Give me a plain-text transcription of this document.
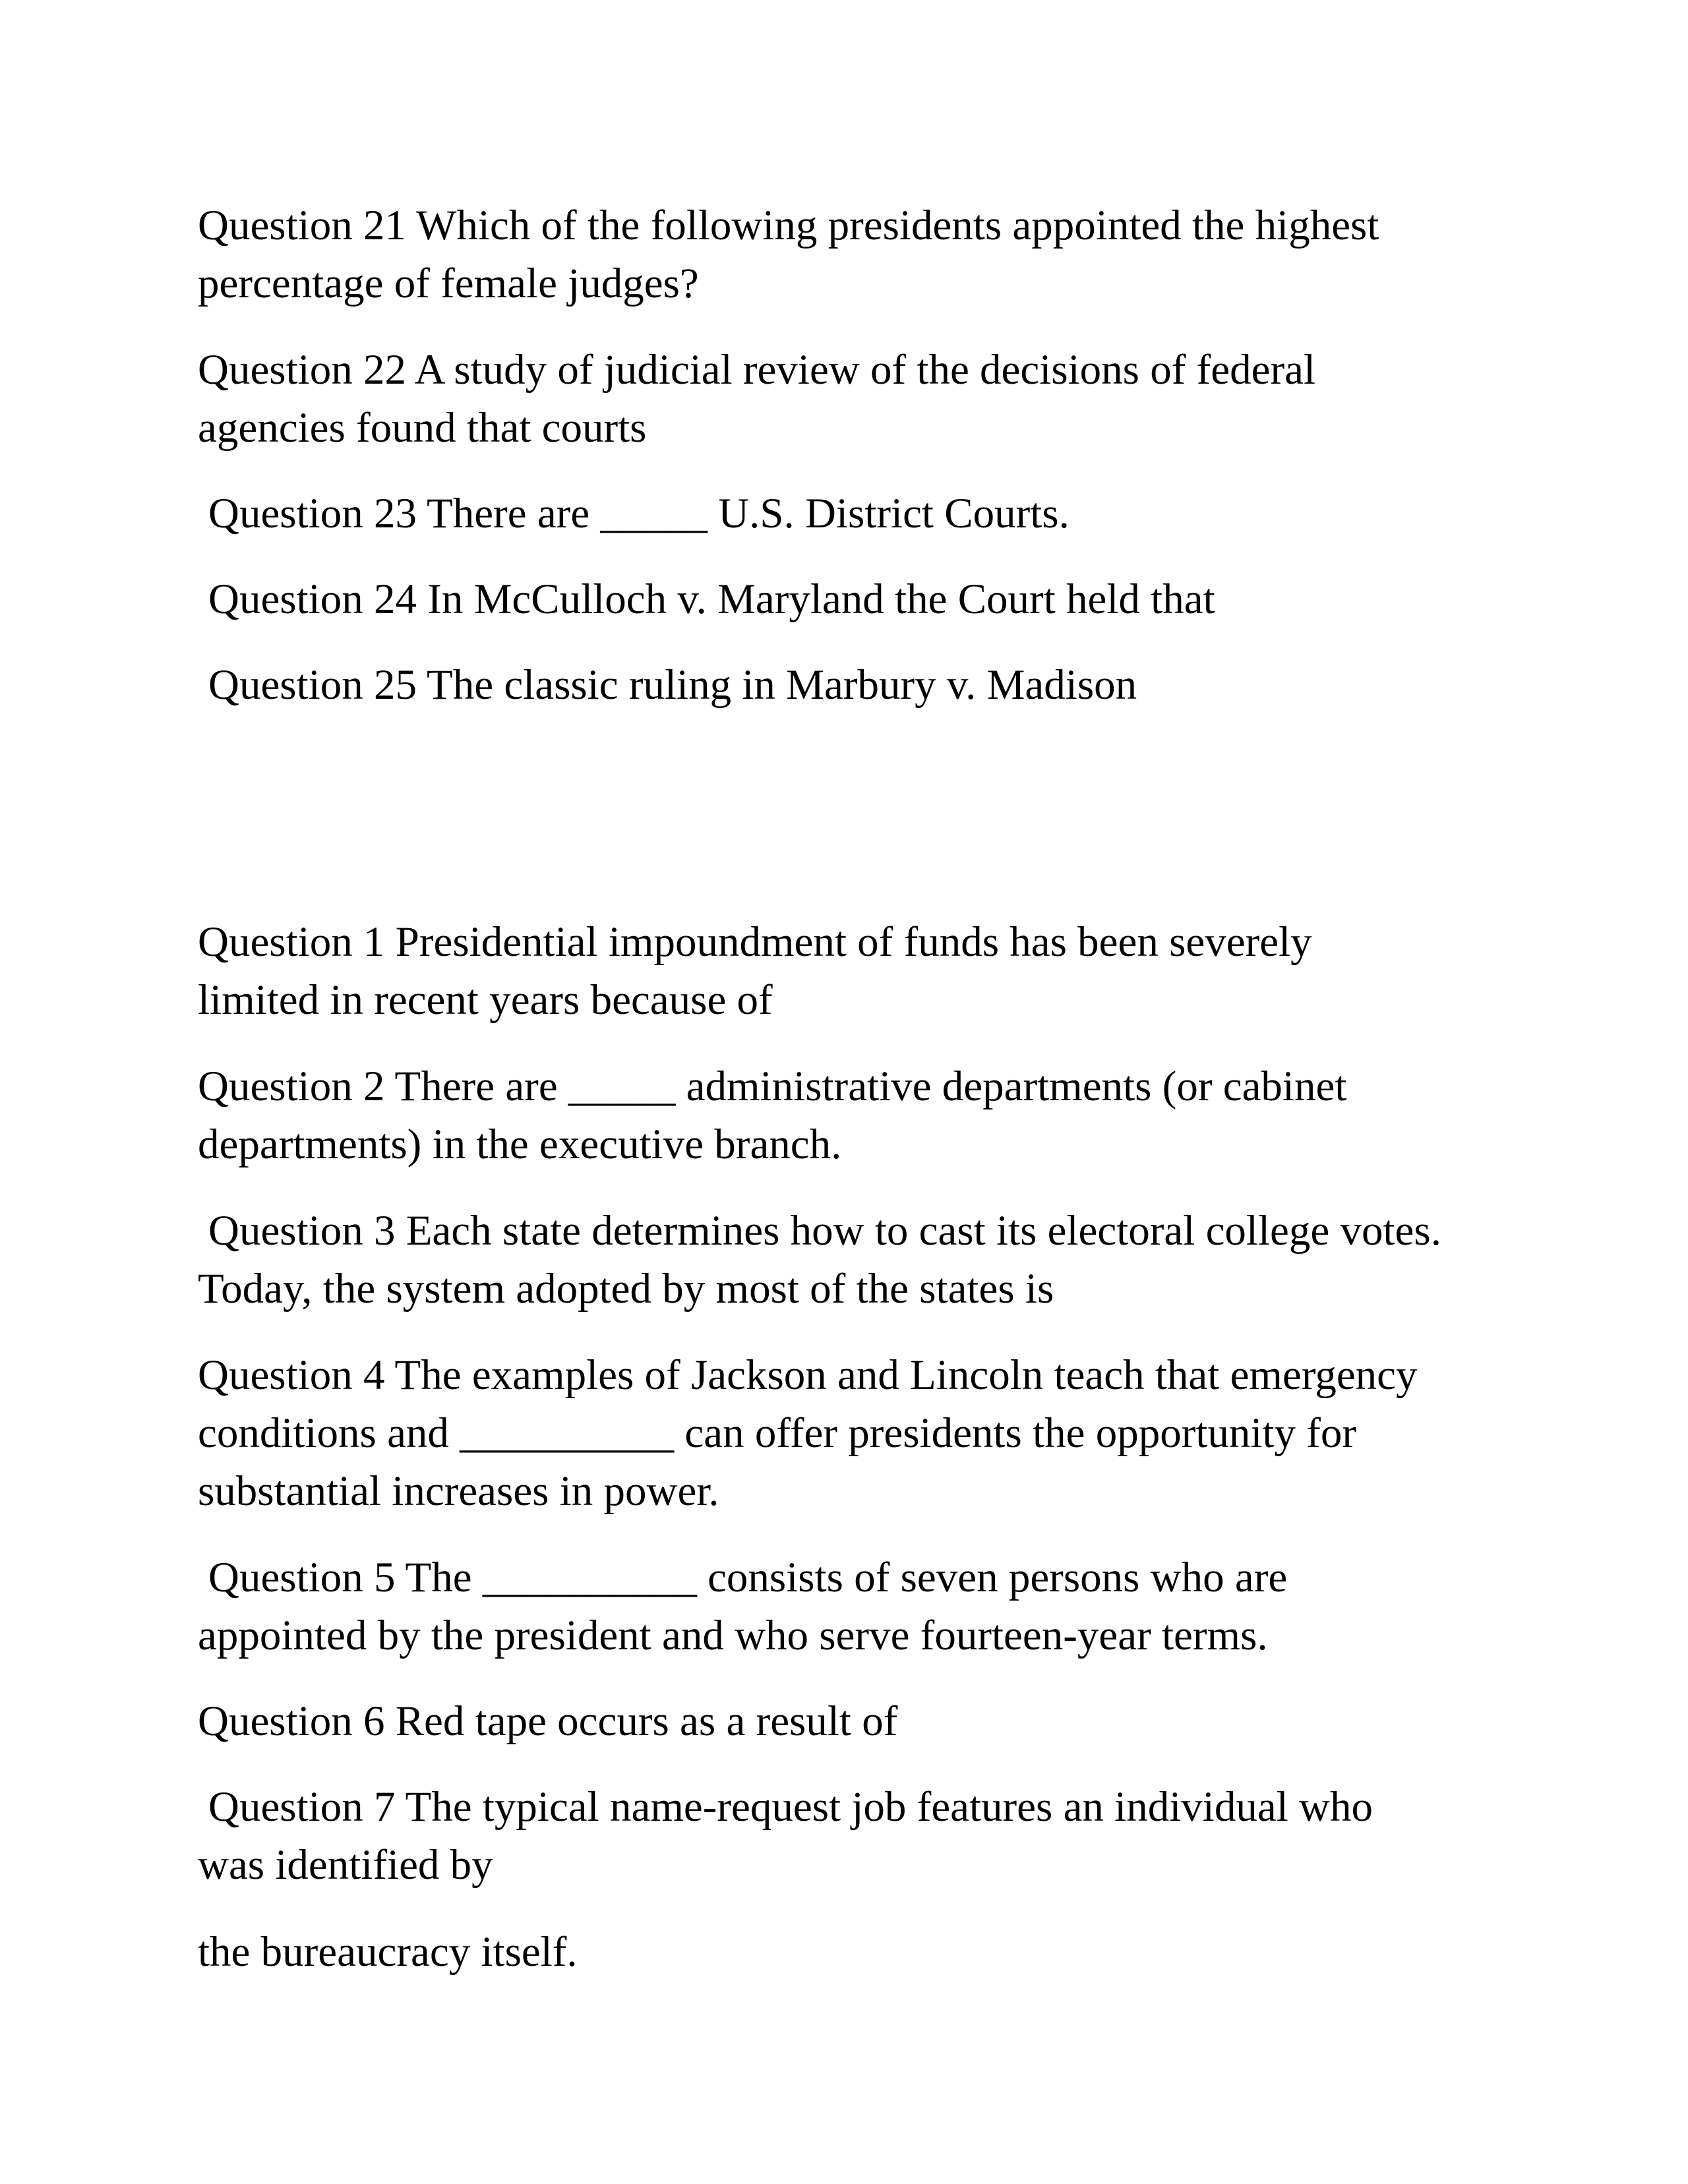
Question 21 Which of the following presidents appointed the highest
percentage of female judges?

Question 22 A study of judicial review of the decisions of federal
agencies found that courts

Question 23 There are _____ U.S. District Courts.

Question 24 In McCulloch v. Maryland the Court held that

Question 25 The classic ruling in Marbury v. Madison

Question 1 Presidential impoundment of funds has been severely
limited in recent years because of

Question 2 There are _____ administrative departments (or cabinet
departments) in the executive branch.

Question 3 Each state determines how to cast its electoral college votes.
Today, the system adopted by most of the states is

Question 4 The examples of Jackson and Lincoln teach that emergency
conditions and __________ can offer presidents the opportunity for
substantial increases in power.

Question 5 The __________ consists of seven persons who are
appointed by the president and who serve fourteen-year terms.

Question 6 Red tape occurs as a result of

Question 7 The typical name-request job features an individual who
was identified by

the bureaucracy itself.
